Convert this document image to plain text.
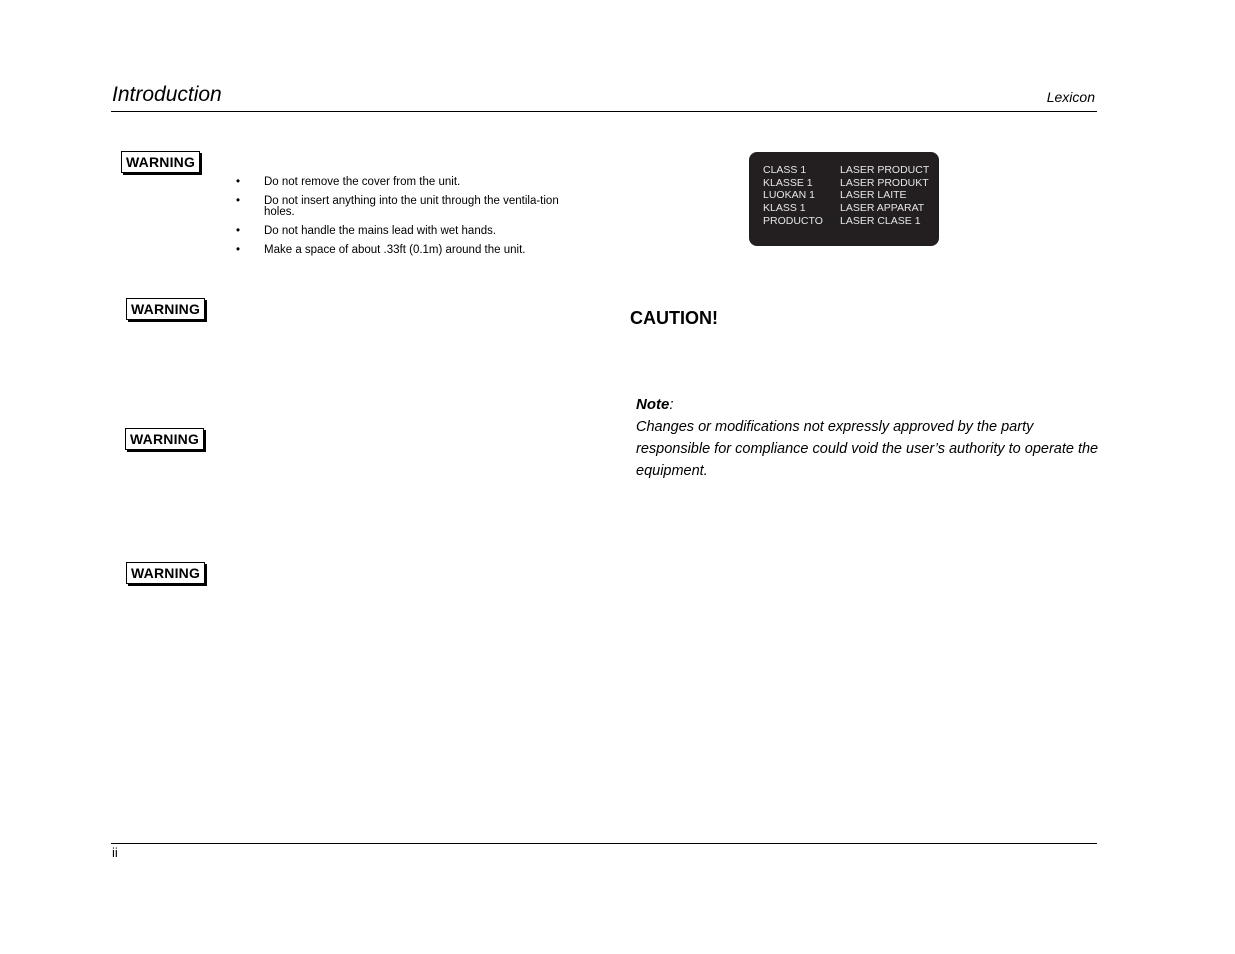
Introduction	Lexicon
WARNING
WARNING
WARNING
WARNING
• Do not remove the cover from the unit.
• Do not insert anything into the unit through the ventila-tion holes.
• Do not handle the mains lead with wet hands.
• Make a space of about .33ft (0.1m) around the unit.
CLASS 1
KLASSE 1
LUOKAN 1
KLASS 1
PRODUCTO
LASER PRODUCT
LASER PRODUKT
LASER LAITE
LASER APPARAT
LASER CLASE 1
CAUTION!
Note:
Changes or modifications not expressly approved by the party responsible for compliance could void the user’s authority to operate the equipment.
ii
